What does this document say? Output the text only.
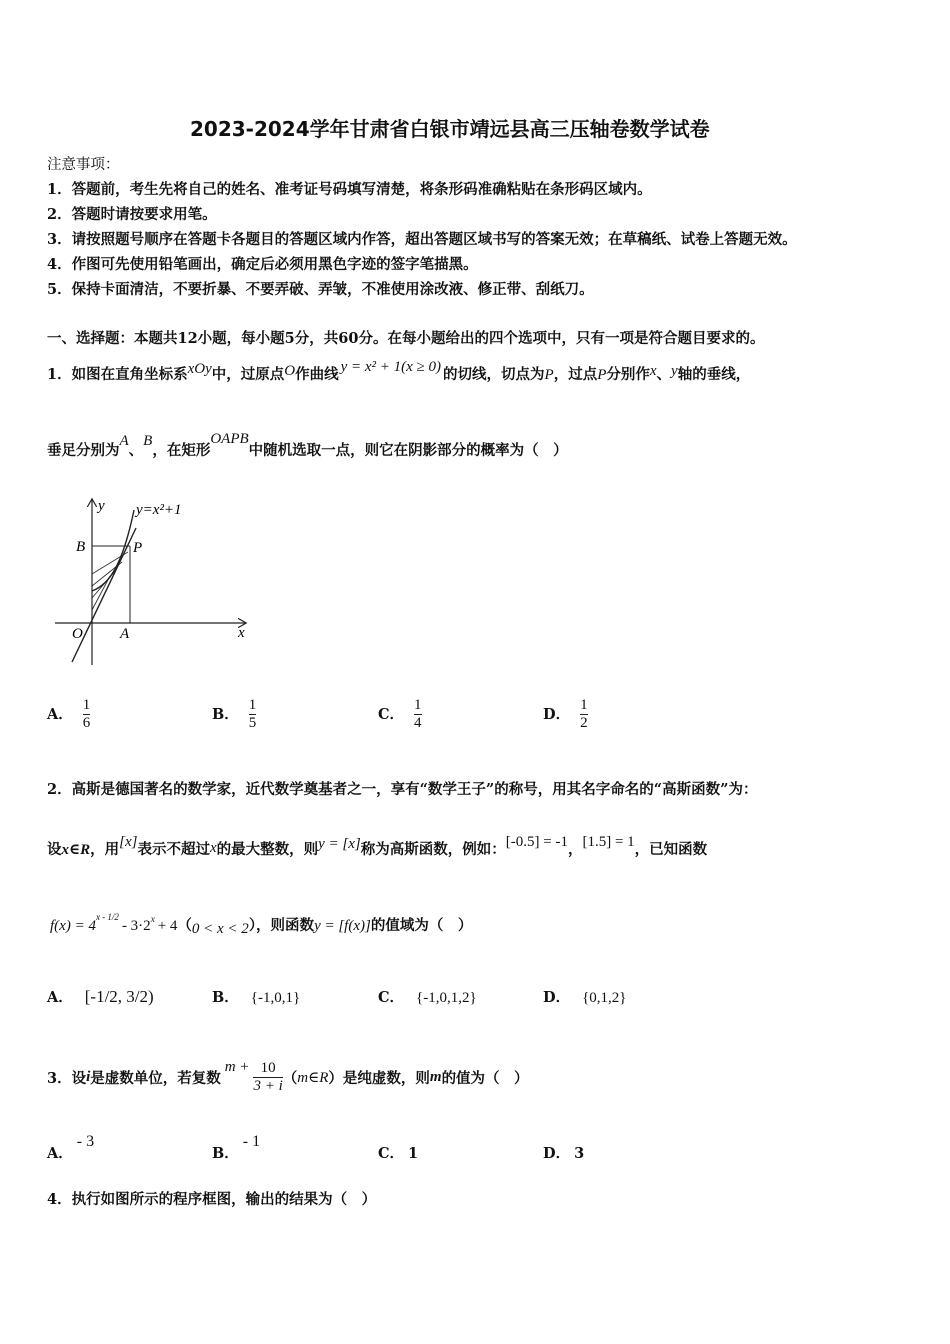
2023-2024学年甘肃省白银市靖远县高三压轴卷数学试卷
注意事项：
1．答题前，考生先将自己的姓名、准考证号码填写清楚，将条形码准确粘贴在条形码区域内。
2．答题时请按要求用笔。
3．请按照题号顺序在答题卡各题目的答题区域内作答，超出答题区域书写的答案无效；在草稿纸、试卷上答题无效。
4．作图可先使用铅笔画出，确定后必须用黑色字迹的签字笔描黑。
5．保持卡面清洁，不要折暴、不要弄破、弄皱，不准使用涂改液、修正带、刮纸刀。
一、选择题：本题共12小题，每小题5分，共60分。在每小题给出的四个选项中，只有一项是符合题目要求的。
1．如图在直角坐标系xOy中，过原点O作曲线 y = x² + 1(x ≥ 0) 的切线，切点为P，过点P分别作x、y轴的垂线，
垂足分别为A、B，在矩形OAPB中随机选取一点，则它在阴影部分的概率为（　）
y=x²+1
y
x
B	P
O A
A． $\frac{1}{6}$	B． $\frac{1}{5}$	C． $\frac{1}{4}$	D． $\frac{1}{2}$
2．高斯是德国著名的数学家，近代数学奠基者之一，享有“数学王子”的称号，用其名字命名的“高斯函数”为：
设x∈R，用[x]表示不超过x的最大整数，则y = [x]称为高斯函数，例如：[-0.5] = -1，[1.5] = 1，已知函数
$f(x) = 4^{x - 1/2}-$ $3\cdot 2^x + 4(0 < x < 2)$，则函数y = [f(x)]的值域为（　）
A． [-1/2, 3/2)	B． {-1,0,1}	C． {-1,0,1,2}	D． {0,1,2}
3．设 i 是虚数单位，若复数
$m + \frac{10}{3 + i}$ （ m∈R ）是纯虚数，则 m 的值为（　）
A．- 3
B．- 1
C． 1	D． 3
4．执行如图所示的程序框图，输出的结果为（　）
